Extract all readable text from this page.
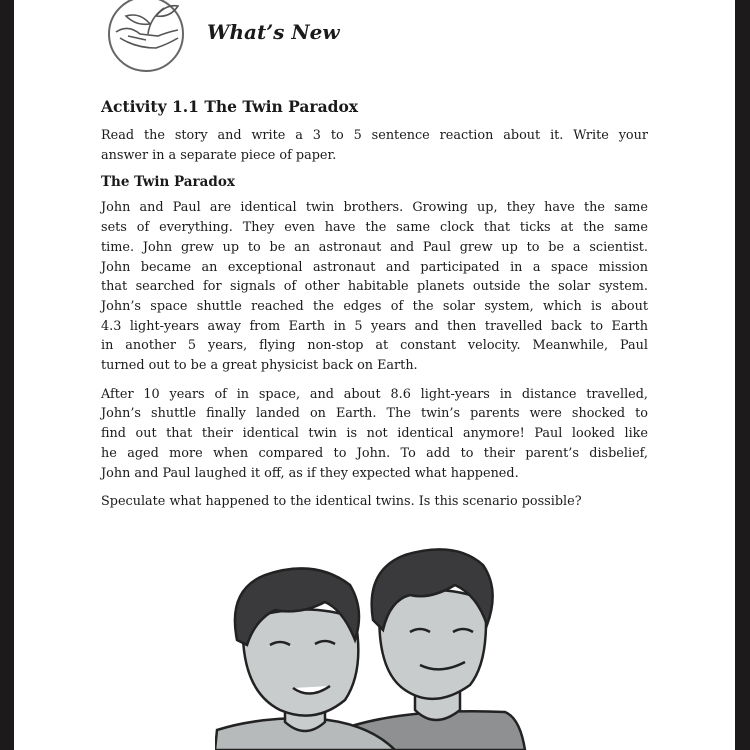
What’s New
Activity 1.1 The Twin Paradox
Read the story and write a 3 to 5 sentence reaction about it. Write your
answer in a separate piece of paper.
The Twin Paradox
John and Paul are identical twin brothers. Growing up, they have the same
sets of everything. They even have the same clock that ticks at the same
time. John grew up to be an astronaut and Paul grew up to be a scientist.
John became an exceptional astronaut and participated in a space mission
that searched for signals of other habitable planets outside the solar system.
John’s space shuttle reached the edges of the solar system, which is about
4.3 light-years away from Earth in 5 years and then travelled back to Earth
in another 5 years, flying non-stop at constant velocity. Meanwhile, Paul
turned out to be a great physicist back on Earth.
After 10 years of in space, and about 8.6 light-years in distance travelled,
John’s shuttle finally landed on Earth. The twin’s parents were shocked to
find out that their identical twin is not identical anymore! Paul looked like
he aged more when compared to John. To add to their parent’s disbelief,
John and Paul laughed it off, as if they expected what happened.
Speculate what happened to the identical twins. Is this scenario possible?
